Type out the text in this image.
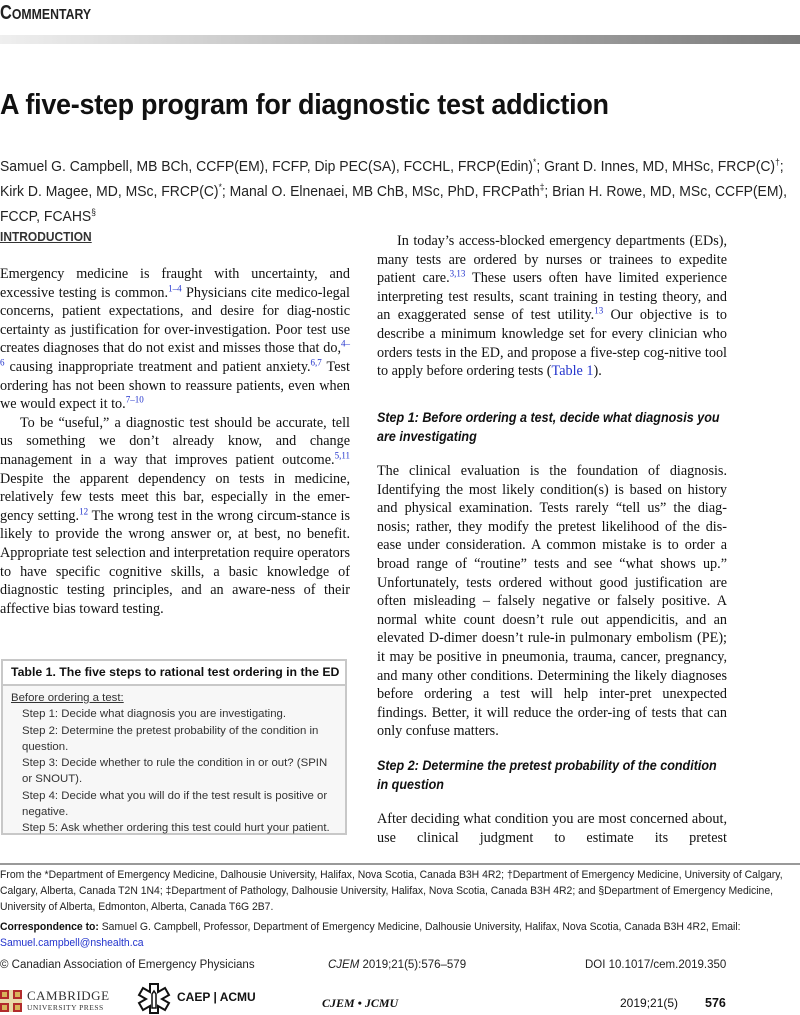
COMMENTARY
A five-step program for diagnostic test addiction
Samuel G. Campbell, MB BCh, CCFP(EM), FCFP, Dip PEC(SA), FCCHL, FRCP(Edin)*; Grant D. Innes, MD, MHSc, FRCP(C)†; Kirk D. Magee, MD, MSc, FRCP(C)*; Manal O. Elnenaei, MB ChB, MSc, PhD, FRCPath‡; Brian H. Rowe, MD, MSc, CCFP(EM), FCCP, FCAHS§
INTRODUCTION

Emergency medicine is fraught with uncertainty, and excessive testing is common.$^{1-4}$ Physicians cite medico-legal concerns, patient expectations, and desire for diag-nostic certainty as justification for over-investigation. Poor test use creates diagnoses that do not exist and misses those that do,$^{4-6}$ causing inappropriate treatment and patient anxiety.$^{6,7}$ Test ordering has not been shown to reassure patients, even when we would expect it to.$^{7-10}$

To be “useful,” a diagnostic test should be accurate, tell us something we don’t already know, and change management in a way that improves patient outcome.$^{5,11}$ Despite the apparent dependency on tests in medicine, relatively few tests meet this bar, especially in the emer-gency setting.$^{12}$ The wrong test in the wrong circum-stance is likely to provide the wrong answer or, at best, no benefit. Appropriate test selection and interpretation require operators to have specific cognitive skills, a basic knowledge of diagnostic testing principles, and an aware-ness of their affective bias toward testing.

Table 1. The five steps to rational test ordering in the ED
Before ordering a test:
Step 1: Decide what diagnosis you are investigating.
Step 2: Determine the pretest probability of the condition in question.
Step 3: Decide whether to rule the condition in or out? (SPIN or SNOUT).
Step 4: Decide what you will do if the test result is positive or negative.
Step 5: Ask whether ordering this test could hurt your patient.

In today’s access-blocked emergency departments (EDs), many tests are ordered by nurses or trainees to expedite patient care.$^{3,13}$ These users often have limited experience interpreting test results, scant training in testing theory, and an exaggerated sense of test utility.$^{13}$ Our objective is to describe a minimum knowledge set for every clinician who orders tests in the ED, and propose a five-step cog-nitive tool to apply before ordering tests (Table 1).

Step 1: Before ordering a test, decide what diagnosis you are investigating

The clinical evaluation is the foundation of diagnosis. Identifying the most likely condition(s) is based on history and physical examination. Tests rarely “tell us” the diag-nosis; rather, they modify the pretest likelihood of the dis-ease under consideration. A common mistake is to order a broad range of “routine” tests and see “what shows up.” Unfortunately, tests ordered without good justification are often misleading – falsely negative or falsely positive. A normal white count doesn’t rule out appendicitis, and an elevated D-dimer doesn’t rule-in pulmonary embolism (PE); it may be positive in pneumonia, trauma, cancer, pregnancy, and many other conditions. Determining the likely diagnoses before ordering a test will help inter-pret unexpected findings. Better, it will reduce the order-ing of tests that can only confuse matters.

Step 2: Determine the pretest probability of the condition in question

After deciding what condition you are most concerned about, use clinical judgment to estimate its pretest

From the *Department of Emergency Medicine, Dalhousie University, Halifax, Nova Scotia, Canada B3H 4R2; †Department of Emergency Medicine, University of Calgary, Calgary, Alberta, Canada T2N 1N4; ‡Department of Pathology, Dalhousie University, Halifax, Nova Scotia, Canada B3H 4R2; and §Department of Emergency Medicine, University of Alberta, Edmonton, Alberta, Canada T6G 2B7.
Correspondence to: Samuel G. Campbell, Professor, Department of Emergency Medicine, Dalhousie University, Halifax, Nova Scotia, Canada B3H 4R2, Email: Samuel.campbell@nshealth.ca
© Canadian Association of Emergency Physicians	CJEM 2019;21(5):576–579	DOI 10.1017/cem.2019.350
CAMBRIDGE
UNIVERSITY PRESS
CAEP | ACMU	CJEM • JCMU	2019;21(5) 576
